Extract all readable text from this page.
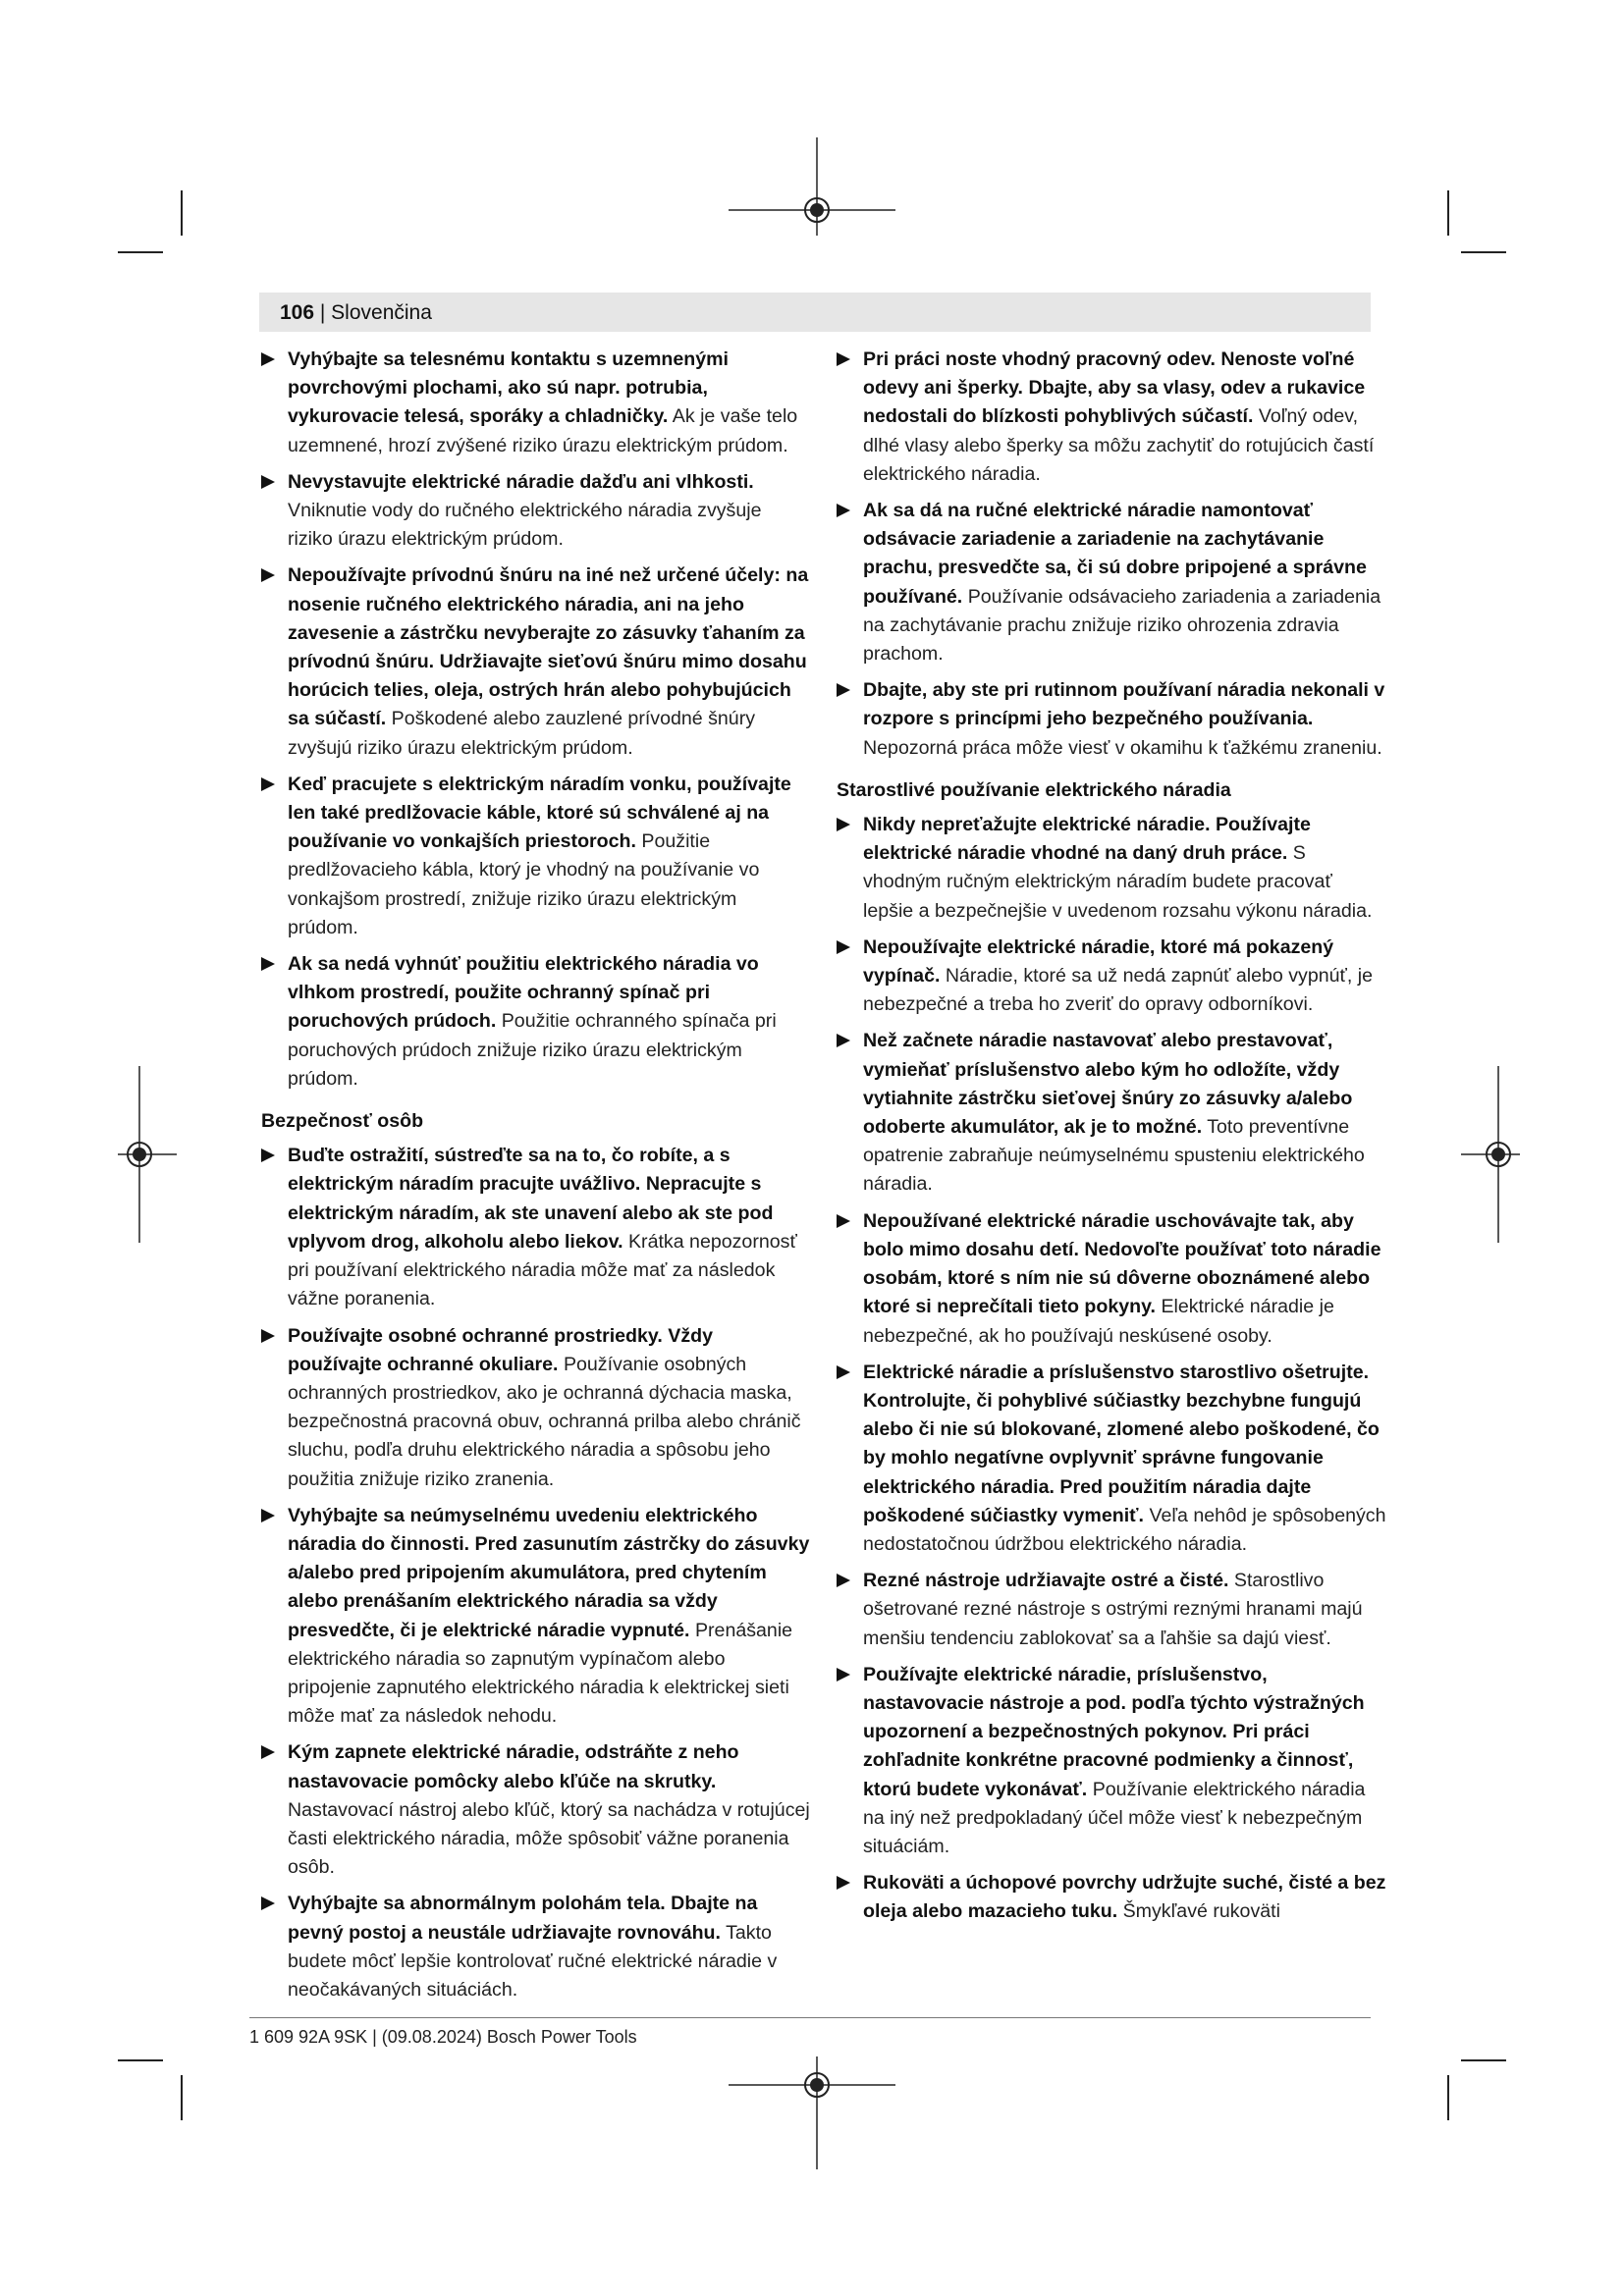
106 | Slovenčina
Vyhýbajte sa telesnému kontaktu s uzemnenými povrchovými plochami, ako sú napr. potrubia, vykurovacie telesá, sporáky a chladničky. Ak je vaše telo uzemnené, hrozí zvýšené riziko úrazu elektrickým prúdom.
Nevystavujte elektrické náradie dažďu ani vlhkosti. Vniknutie vody do ručného elektrického náradia zvyšuje riziko úrazu elektrickým prúdom.
Nepoužívajte prívodnú šnúru na iné než určené účely: na nosenie ručného elektrického náradia, ani na jeho zavesenie a zástrčku nevyberajte zo zásuvky ťahaním za prívodnú šnúru. Udržiavajte sieťovú šnúru mimo dosahu horúcich telies, oleja, ostrých hrán alebo pohybujúcich sa súčastí. Poškodené alebo zauzlené prívodné šnúry zvyšujú riziko úrazu elektrickým prúdom.
Keď pracujete s elektrickým náradím vonku, používajte len také predlžovacie káble, ktoré sú schválené aj na používanie vo vonkajších priestoroch. Použitie predlžovacieho kábla, ktorý je vhodný na používanie vo vonkajšom prostredí, znižuje riziko úrazu elektrickým prúdom.
Ak sa nedá vyhnúť použitiu elektrického náradia vo vlhkom prostredí, použite ochranný spínač pri poruchových prúdoch. Použitie ochranného spínača pri poruchových prúdoch znižuje riziko úrazu elektrickým prúdom.
Bezpečnosť osôb
Buďte ostražití, sústreďte sa na to, čo robíte, a s elektrickým náradím pracujte uvážlivo. Nepracujte s elektrickým náradím, ak ste unavení alebo ak ste pod vplyvom drog, alkoholu alebo liekov. Krátka nepozornosť pri používaní elektrického náradia môže mať za následok vážne poranenia.
Používajte osobné ochranné prostriedky. Vždy používajte ochranné okuliare. Používanie osobných ochranných prostriedkov, ako je ochranná dýchacia maska, bezpečnostná pracovná obuv, ochranná prilba alebo chránič sluchu, podľa druhu elektrického náradia a spôsobu jeho použitia znižuje riziko zranenia.
Vyhýbajte sa neúmyselnému uvedeniu elektrického náradia do činnosti. Pred zasunutím zástrčky do zásuvky a/alebo pred pripojením akumulátora, pred chytením alebo prenášaním elektrického náradia sa vždy presvedčte, či je elektrické náradie vypnuté. Prenášanie elektrického náradia so zapnutým vypínačom alebo pripojenie zapnutého elektrického náradia k elektrickej sieti môže mať za následok nehodu.
Kým zapnete elektrické náradie, odstráňte z neho nastavovacie pomôcky alebo kľúče na skrutky. Nastavovací nástroj alebo kľúč, ktorý sa nachádza v rotujúcej časti elektrického náradia, môže spôsobiť vážne poranenia osôb.
Vyhýbajte sa abnormálnym polohám tela. Dbajte na pevný postoj a neustále udržiavajte rovnováhu. Takto budete môcť lepšie kontrolovať ručné elektrické náradie v neočakávaných situáciách.
Pri práci noste vhodný pracovný odev. Nenoste voľné odevy ani šperky. Dbajte, aby sa vlasy, odev a rukavice nedostali do blízkosti pohyblivých súčastí. Voľný odev, dlhé vlasy alebo šperky sa môžu zachytiť do rotujúcich častí elektrického náradia.
Ak sa dá na ručné elektrické náradie namontovať odsávacie zariadenie a zariadenie na zachytávanie prachu, presvedčte sa, či sú dobre pripojené a správne používané. Používanie odsávacieho zariadenia a zariadenia na zachytávanie prachu znižuje riziko ohrozenia zdravia prachom.
Dbajte, aby ste pri rutinnom používaní náradia nekonali v rozpore s princípmi jeho bezpečného používania. Nepozorná práca môže viesť v okamihu k ťažkému zraneniu.
Starostlivé používanie elektrického náradia
Nikdy nepreťažujte elektrické náradie. Používajte elektrické náradie vhodné na daný druh práce. S vhodným ručným elektrickým náradím budete pracovať lepšie a bezpečnejšie v uvedenom rozsahu výkonu náradia.
Nepoužívajte elektrické náradie, ktoré má pokazený vypínač. Náradie, ktoré sa už nedá zapnúť alebo vypnúť, je nebezpečné a treba ho zveriť do opravy odborníkovi.
Než začnete náradie nastavovať alebo prestavovať, vymieňať príslušenstvo alebo kým ho odložíte, vždy vytiahnite zástrčku sieťovej šnúry zo zásuvky a/alebo odoberte akumulátor, ak je to možné. Toto preventívne opatrenie zabraňuje neúmyselnému spusteniu elektrického náradia.
Nepoužívané elektrické náradie uschovávajte tak, aby bolo mimo dosahu detí. Nedovoľte používať toto náradie osobám, ktoré s ním nie sú dôverne oboznámené alebo ktoré si neprečítali tieto pokyny. Elektrické náradie je nebezpečné, ak ho používajú neskúsené osoby.
Elektrické náradie a príslušenstvo starostlivo ošetrujte. Kontrolujte, či pohyblivé súčiastky bezchybne fungujú alebo či nie sú blokované, zlomené alebo poškodené, čo by mohlo negatívne ovplyvniť správne fungovanie elektrického náradia. Pred použitím náradia dajte poškodené súčiastky vymeniť. Veľa nehôd je spôsobených nedostatočnou údržbou elektrického náradia.
Rezné nástroje udržiavajte ostré a čisté. Starostlivo ošetrované rezné nástroje s ostrými reznými hranami majú menšiu tendenciu zablokovať sa a ľahšie sa dajú viesť.
Používajte elektrické náradie, príslušenstvo, nastavovacie nástroje a pod. podľa týchto výstražných upozornení a bezpečnostných pokynov. Pri práci zohľadnite konkrétne pracovné podmienky a činnosť, ktorú budete vykonávať. Používanie elektrického náradia na iný než predpokladaný účel môže viesť k nebezpečným situáciám.
Rukoväti a úchopové povrchy udržujte suché, čisté a bez oleja alebo mazacieho tuku. Šmykľavé rukoväti
1 609 92A 9SK | (09.08.2024) Bosch Power Tools
